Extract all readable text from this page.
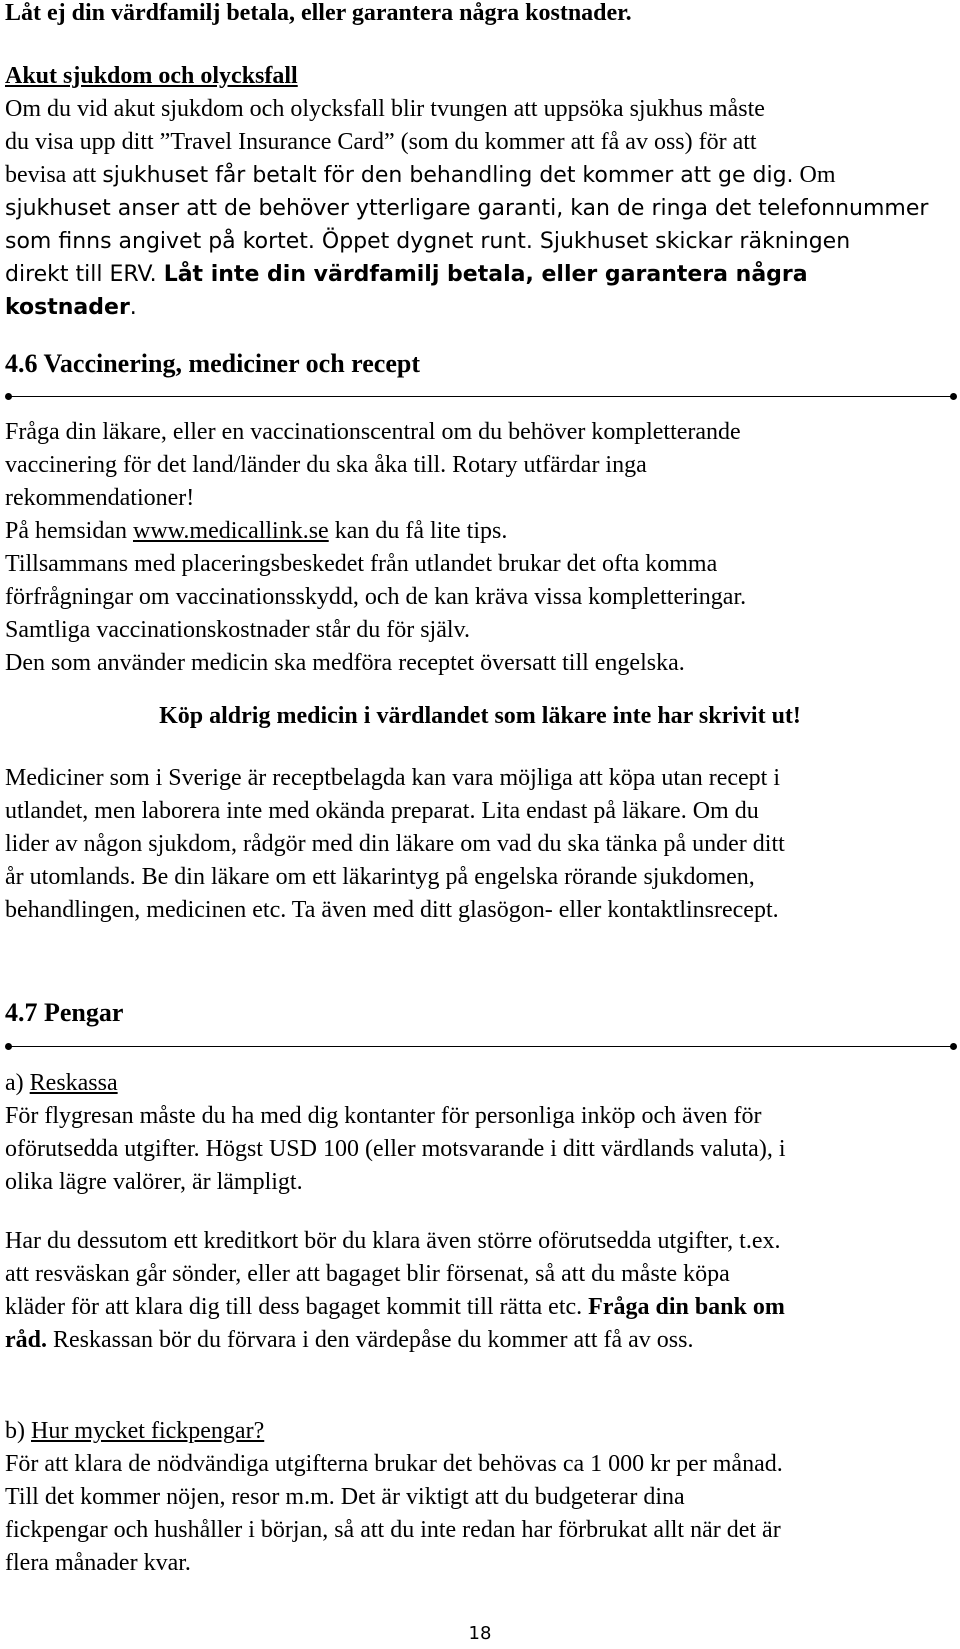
Låt ej din värdfamilj betala, eller garantera några kostnader.

Akut sjukdom och olycksfall

Om du vid akut sjukdom och olycksfall blir tvungen att uppsöka sjukhus måste

du visa upp ditt ”Travel Insurance Card” (som du kommer att få av oss) för att

bevisa att sjukhuset får betalt för den behandling det kommer att ge dig. Om

sjukhuset anser att de behöver ytterligare garanti, kan de ringa det telefonnummer

som finns angivet på kortet. Öppet dygnet runt. Sjukhuset skickar räkningen

direkt till ERV. Låt inte din värdfamilj betala, eller garantera några

kostnader.

4.6 Vaccinering, mediciner och recept

Fråga din läkare, eller en vaccinationscentral om du behöver kompletterande

vaccinering för det land/länder du ska åka till. Rotary utfärdar inga

rekommendationer!

På hemsidan www.medicallink.se kan du få lite tips.

Tillsammans med placeringsbeskedet från utlandet brukar det ofta komma

förfrågningar om vaccinationsskydd, och de kan kräva vissa kompletteringar.

Samtliga vaccinationskostnader står du för själv.

Den som använder medicin ska medföra receptet översatt till engelska.

Köp aldrig medicin i värdlandet som läkare inte har skrivit ut!

Mediciner som i Sverige är receptbelagda kan vara möjliga att köpa utan recept i

utlandet, men laborera inte med okända preparat. Lita endast på läkare. Om du

lider av någon sjukdom, rådgör med din läkare om vad du ska tänka på under ditt

år utomlands. Be din läkare om ett läkarintyg på engelska rörande sjukdomen,

behandlingen, medicinen etc. Ta även med ditt glasögon- eller kontaktlinsrecept.

4.7 Pengar

a) Reskassa

För flygresan måste du ha med dig kontanter för personliga inköp och även för

oförutsedda utgifter. Högst USD 100 (eller motsvarande i ditt värdlands valuta), i

olika lägre valörer, är lämpligt.

Har du dessutom ett kreditkort bör du klara även större oförutsedda utgifter, t.ex.

att resväskan går sönder, eller att bagaget blir försenat, så att du måste köpa

kläder för att klara dig till dess bagaget kommit till rätta etc. Fråga din bank om

råd. Reskassan bör du förvara i den värdepåse du kommer att få av oss.

b) Hur mycket fickpengar?

För att klara de nödvändiga utgifterna brukar det behövas ca 1 000 kr per månad.

Till det kommer nöjen, resor m.m. Det är viktigt att du budgeterar dina

fickpengar och hushåller i början, så att du inte redan har förbrukat allt när det är

flera månader kvar.

18
